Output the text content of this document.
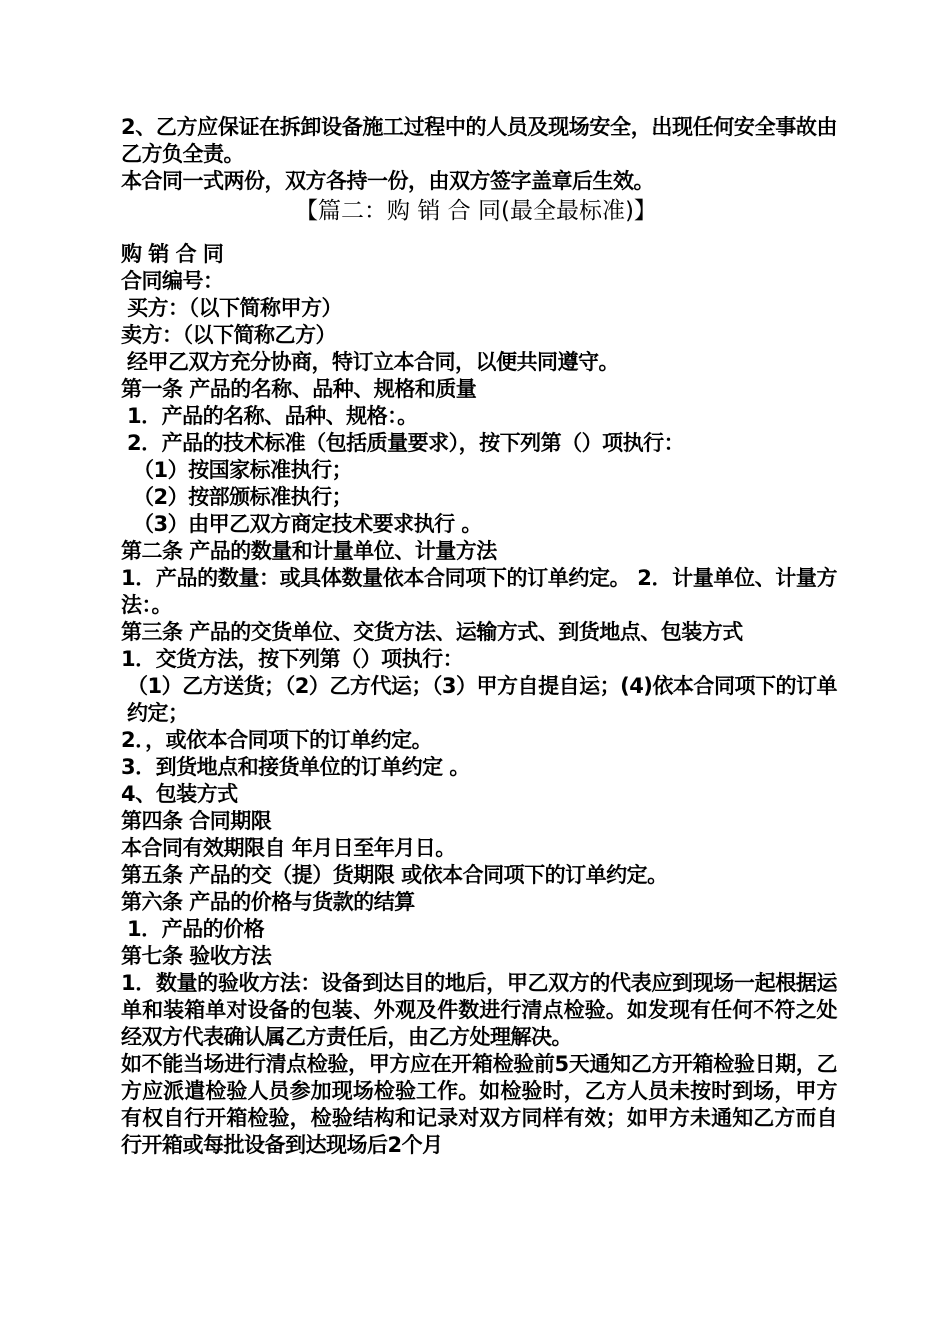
2、乙方应保证在拆卸设备施工过程中的人员及现场安全，出现任何安全事故由乙方负全责。
本合同一式两份，双方各持一份，由双方签字盖章后生效。
【篇二：购 销 合 同(最全最标准)】
购 销 合 同
合同编号：
买方：（以下简称甲方）
卖方：（以下简称乙方）
经甲乙双方充分协商，特订立本合同，以便共同遵守。
第一条 产品的名称、品种、规格和质量
1．产品的名称、品种、规格：。
2．产品的技术标准（包括质量要求），按下列第（）项执行：
（1）按国家标准执行；
（2）按部颁标准执行；
（3）由甲乙双方商定技术要求执行 。
第二条 产品的数量和计量单位、计量方法
1．产品的数量：或具体数量依本合同项下的订单约定。 2．计量单位、计量方法：。
第三条 产品的交货单位、交货方法、运输方式、到货地点、包装方式
1．交货方法，按下列第（）项执行：
（1）乙方送货；（2）乙方代运；（3）甲方自提自运；(4)依本合同项下的订单约定；
2．，或依本合同项下的订单约定。
3．到货地点和接货单位的订单约定 。
4、包装方式
第四条 合同期限
本合同有效期限自 年月日至年月日。
第五条 产品的交（提）货期限 或依本合同项下的订单约定。
第六条 产品的价格与货款的结算
1．产品的价格
第七条 验收方法
1．数量的验收方法：设备到达目的地后，甲乙双方的代表应到现场一起根据运单和装箱单对设备的包装、外观及件数进行清点检验。如发现有任何不符之处经双方代表确认属乙方责任后，由乙方处理解决。
如不能当场进行清点检验，甲方应在开箱检验前5天通知乙方开箱检验日期，乙方应派遣检验人员参加现场检验工作。如检验时，乙方人员未按时到场，甲方有权自行开箱检验，检验结构和记录对双方同样有效；如甲方未通知乙方而自行开箱或每批设备到达现场后2个月
